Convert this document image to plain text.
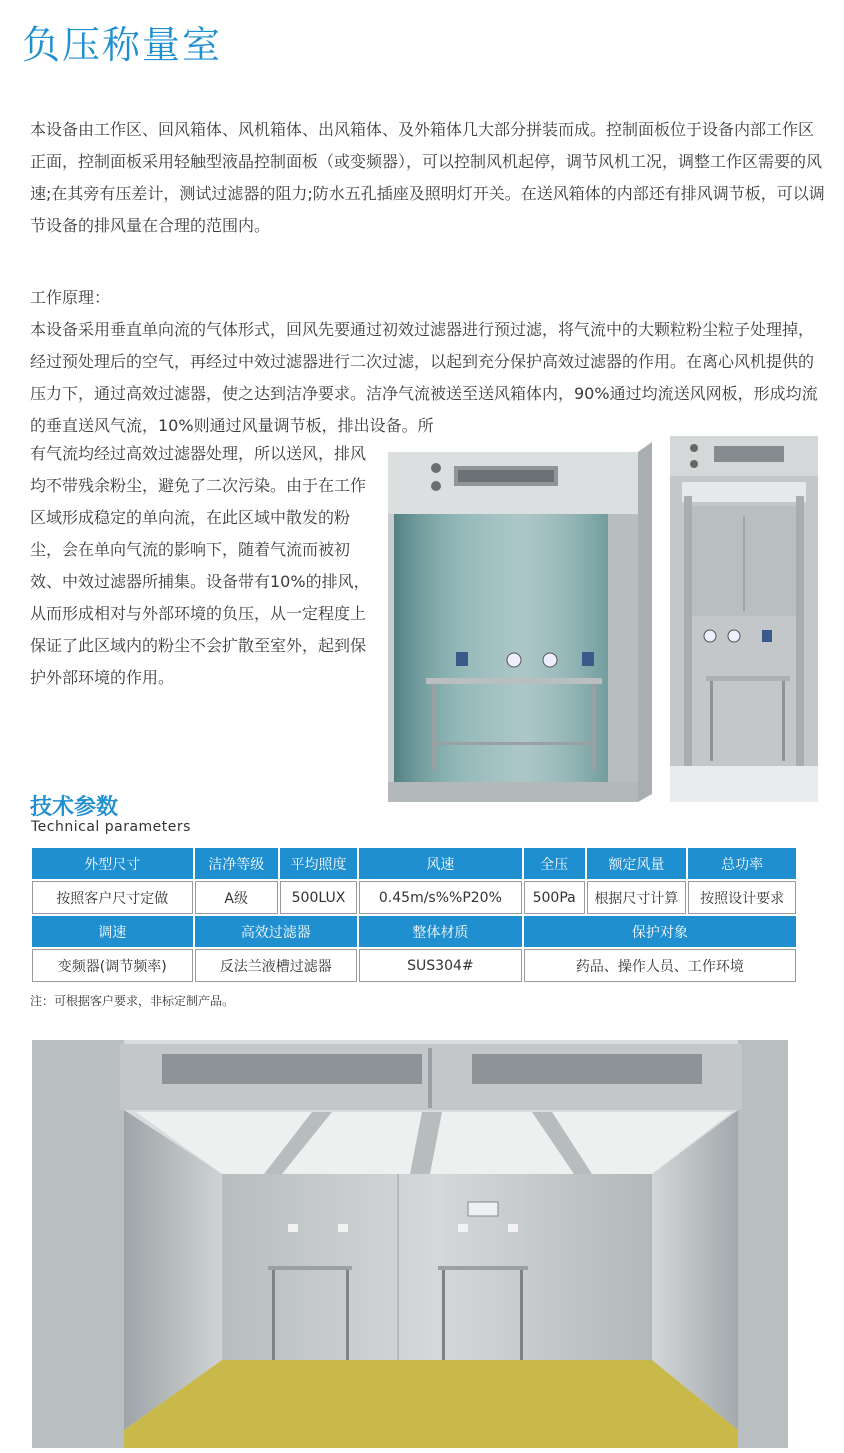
负压称量室
本设备由工作区、回风箱体、风机箱体、出风箱体、及外箱体几大部分拼装而成。控制面板位于设备内部工作区正面，控制面板采用轻触型液晶控制面板（或变频器），可以控制风机起停，调节风机工况，调整工作区需要的风速;在其旁有压差计，测试过滤器的阻力;防水五孔插座及照明灯开关。在送风箱体的内部还有排风调节板，可以调节设备的排风量在合理的范围内。
工作原理：
本设备采用垂直单向流的气体形式，回风先要通过初效过滤器进行预过滤，将气流中的大颗粒粉尘粒子处理掉，经过预处理后的空气，再经过中效过滤器进行二次过滤，以起到充分保护高效过滤器的作用。在离心风机提供的压力下，通过高效过滤器，使之达到洁净要求。洁净气流被送至送风箱体内，90%通过均流送风网板，形成均流的垂直送风气流，10%则通过风量调节板，排出设备。所
有气流均经过高效过滤器处理，所以送风，排风均不带残余粉尘，避免了二次污染。由于在工作区域形成稳定的单向流，在此区域中散发的粉尘，会在单向气流的影响下，随着气流而被初效、中效过滤器所捕集。设备带有10%的排风，从而形成相对与外部环境的负压，从一定程度上保证了此区域内的粉尘不会扩散至室外，起到保护外部环境的作用。
技术参数
Technical parameters
外型尺寸	洁净等级	平均照度	风速	全压	额定风量	总功率
按照客户尺寸定做	A级	500LUX	0.45m/s%%P20%	500Pa	根据尺寸计算	按照设计要求
调速	高效过滤器		整体材质	保护对象		
变频器(调节频率)	反法兰液槽过滤器		SUS304#	药品、操作人员、工作环境		
注：可根据客户要求，非标定制产品。
